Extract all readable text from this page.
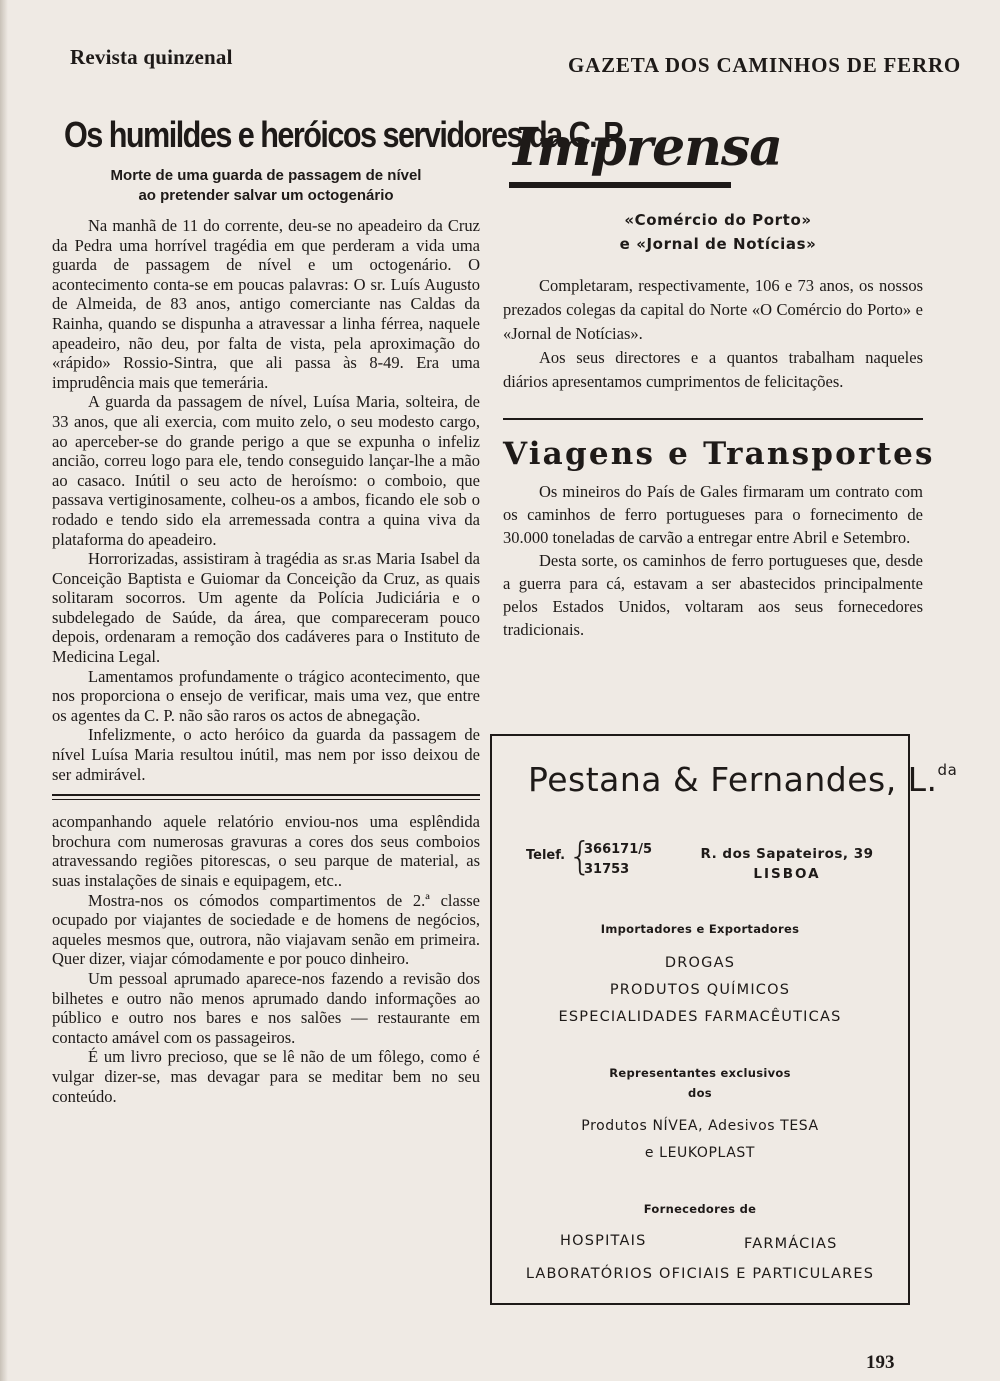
Revista quinzenal	GAZETA DOS CAMINHOS DE FERRO
Os humildes e heróicos servidores da C. P.
Morte de uma guarda de passagem de nível
ao pretender salvar um octogenário

Na manhã de 11 do corrente, deu-se no apeadeiro da Cruz da Pedra uma horrível tragédia em que perderam a vida uma guarda de passagem de nível e um octogenário. O acontecimento conta-se em poucas palavras: O sr. Luís Augusto de Almeida, de 83 anos, antigo comerciante nas Caldas da Rainha, quando se dispunha a atravessar a linha férrea, naquele apeadeiro, não deu, por falta de vista, pela aproximação do «rápido» Rossio-Sintra, que ali passa às 8-49. Era uma imprudência mais que temerária.

A guarda da passagem de nível, Luísa Maria, solteira, de 33 anos, que ali exercia, com muito zelo, o seu modesto cargo, ao aperceber-se do grande perigo a que se expunha o infeliz ancião, correu logo para ele, tendo conseguido lançar-lhe a mão ao casaco. Inútil o seu acto de heroísmo: o comboio, que passava vertiginosamente, colheu-os a ambos, ficando ele sob o rodado e tendo sido ela arremessada contra a quina viva da plataforma do apeadeiro.

Horrorizadas, assistiram à tragédia as sr.as Maria Isabel da Conceição Baptista e Guiomar da Conceição da Cruz, as quais solitaram socorros. Um agente da Polícia Judiciária e o subdelegado de Saúde, da área, que compareceram pouco depois, ordenaram a remoção dos cadáveres para o Instituto de Medicina Legal.

Lamentamos profundamente o trágico acontecimento, que nos proporciona o ensejo de verificar, mais uma vez, que entre os agentes da C. P. não são raros os actos de abnegação.

Infelizmente, o acto heróico da guarda da passagem de nível Luísa Maria resultou inútil, mas nem por isso deixou de ser admirável.

acompanhando aquele relatório enviou-nos uma esplêndida brochura com numerosas gravuras a cores dos seus comboios atravessando regiões pitorescas, o seu parque de material, as suas instalações de sinais e equipagem, etc..

Mostra-nos os cómodos compartimentos de 2.ª classe ocupado por viajantes de sociedade e de homens de negócios, aqueles mesmos que, outrora, não viajavam senão em primeira. Quer dizer, viajar cómodamente e por pouco dinheiro.

Um pessoal aprumado aparece-nos fazendo a revisão dos bilhetes e outro não menos aprumado dando informações ao público e outro nos bares e nos salões — restaurante em contacto amável com os passageiros.

É um livro precioso, que se lê não de um fôlego, como é vulgar dizer-se, mas devagar para se meditar bem no seu conteúdo.

Imprensa
«Comércio do Porto»
e «Jornal de Notícias»

Completaram, respectivamente, 106 e 73 anos, os nossos prezados colegas da capital do Norte «O Comércio do Porto» e «Jornal de Notícias».

Aos seus directores e a quantos trabalham naqueles diários apresentamos cumprimentos de felicitações.

Viagens e Transportes

Os mineiros do País de Gales firmaram um contrato com os caminhos de ferro portugueses para o fornecimento de 30.000 toneladas de carvão a entregar entre Abril e Setembro.

Desta sorte, os caminhos de ferro portugueses que, desde a guerra para cá, estavam a ser abastecidos principalmente pelos Estados Unidos, voltaram aos seus fornecedores tradicionais.

Pestana & Fernandes, L.$^{da}$
Telef. {
366171/5
31753
R. dos Sapateiros, 39
LISBOA
Importadores e Exportadores
DROGAS
PRODUTOS QUÍMICOS
ESPECIALIDADES FARMACÊUTICAS
Representantes exclusivos
dos
Produtos NÍVEA, Adesivos TESA
e LEUKOPLAST
Fornecedores de
HOSPITAIS	FARMÁCIAS
LABORATÓRIOS OFICIAIS E PARTICULARES
193
